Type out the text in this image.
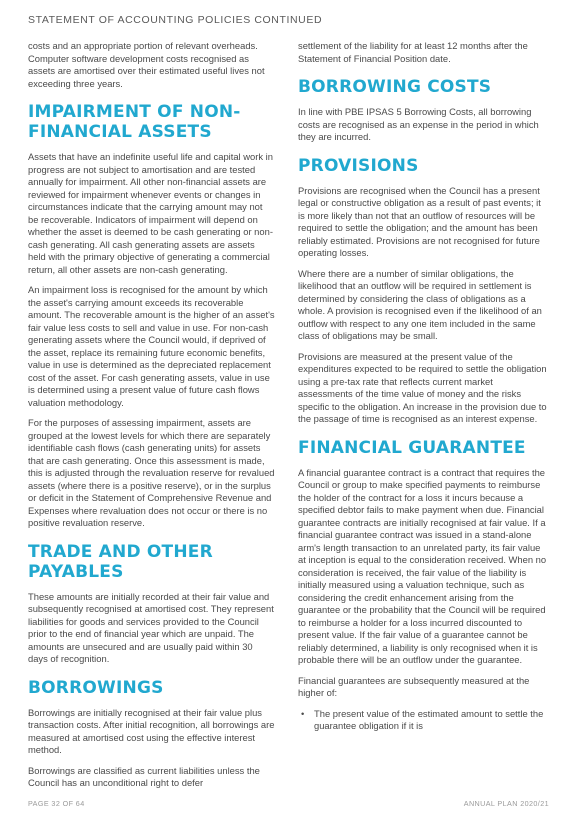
STATEMENT OF ACCOUNTING POLICIES CONTINUED

costs and an appropriate portion of relevant overheads. Computer software development costs recognised as assets are amortised over their estimated useful lives not exceeding three years.

IMPAIRMENT OF NON-FINANCIAL ASSETS

Assets that have an indefinite useful life and capital work in progress are not subject to amortisation and are tested annually for impairment. All other non-financial assets are reviewed for impairment whenever events or changes in circumstances indicate that the carrying amount may not be recoverable. Indicators of impairment will depend on whether the asset is deemed to be cash generating or non-cash generating. All cash generating assets are assets held with the primary objective of generating a commercial return, all other assets are non-cash generating.

An impairment loss is recognised for the amount by which the asset's carrying amount exceeds its recoverable amount. The recoverable amount is the higher of an asset's fair value less costs to sell and value in use. For non-cash generating assets where the Council would, if deprived of the asset, replace its remaining future economic benefits, value in use is determined as the depreciated replacement cost of the asset. For cash generating assets, value in use is determined using a present value of future cash flows valuation methodology.

For the purposes of assessing impairment, assets are grouped at the lowest levels for which there are separately identifiable cash flows (cash generating units) for assets that are cash generating. Once this assessment is made, this is adjusted through the revaluation reserve for revalued assets (where there is a positive reserve), or in the surplus or deficit in the Statement of Comprehensive Revenue and Expenses where revaluation does not occur or there is no positive revaluation reserve.

TRADE AND OTHER PAYABLES

These amounts are initially recorded at their fair value and subsequently recognised at amortised cost. They represent liabilities for goods and services provided to the Council prior to the end of financial year which are unpaid. The amounts are unsecured and are usually paid within 30 days of recognition.

BORROWINGS

Borrowings are initially recognised at their fair value plus transaction costs. After initial recognition, all borrowings are measured at amortised cost using the effective interest method.

Borrowings are classified as current liabilities unless the Council has an unconditional right to defer

settlement of the liability for at least 12 months after the Statement of Financial Position date.

BORROWING COSTS

In line with PBE IPSAS 5 Borrowing Costs, all borrowing costs are recognised as an expense in the period in which they are incurred.

PROVISIONS

Provisions are recognised when the Council has a present legal or constructive obligation as a result of past events; it is more likely than not that an outflow of resources will be required to settle the obligation; and the amount has been reliably estimated. Provisions are not recognised for future operating losses.

Where there are a number of similar obligations, the likelihood that an outflow will be required in settlement is determined by considering the class of obligations as a whole. A provision is recognised even if the likelihood of an outflow with respect to any one item included in the same class of obligations may be small.

Provisions are measured at the present value of the expenditures expected to be required to settle the obligation using a pre-tax rate that reflects current market assessments of the time value of money and the risks specific to the obligation. An increase in the provision due to the passage of time is recognised as an interest expense.

FINANCIAL GUARANTEE

A financial guarantee contract is a contract that requires the Council or group to make specified payments to reimburse the holder of the contract for a loss it incurs because a specified debtor fails to make payment when due. Financial guarantee contracts are initially recognised at fair value. If a financial guarantee contract was issued in a stand-alone arm's length transaction to an unrelated party, its fair value at inception is equal to the consideration received. When no consideration is received, the fair value of the liability is initially measured using a valuation technique, such as considering the credit enhancement arising from the guarantee or the probability that the Council will be required to reimburse a holder for a loss incurred discounted to present value. If the fair value of a guarantee cannot be reliably determined, a liability is only recognised when it is probable there will be an outflow under the guarantee.

Financial guarantees are subsequently measured at the higher of:

• The present value of the estimated amount to settle the guarantee obligation if it is
PAGE 32 OF 64	ANNUAL PLAN 2020/21
